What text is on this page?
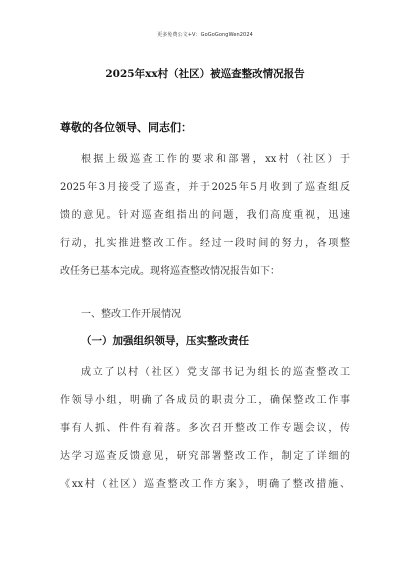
更多免费公文+V：GoGoGongWen2024
2025年xx村（社区）被巡查整改情况报告
尊敬的各位领导、同志们：
根据上级巡查工作的要求和部署，xx村（社区）于
2025年3月接受了巡查，并于2025年5月收到了巡查组反
馈的意见。针对巡查组指出的问题，我们高度重视，迅速
行动，扎实推进整改工作。经过一段时间的努力，各项整
改任务已基本完成。现将巡查整改情况报告如下：
一、整改工作开展情况
（一）加强组织领导，压实整改责任
成立了以村（社区）党支部书记为组长的巡查整改工
作领导小组，明确了各成员的职责分工，确保整改工作事
事有人抓、件件有着落。多次召开整改工作专题会议，传
达学习巡查反馈意见，研究部署整改工作，制定了详细的
《xx村（社区）巡查整改工作方案》，明确了整改措施、
